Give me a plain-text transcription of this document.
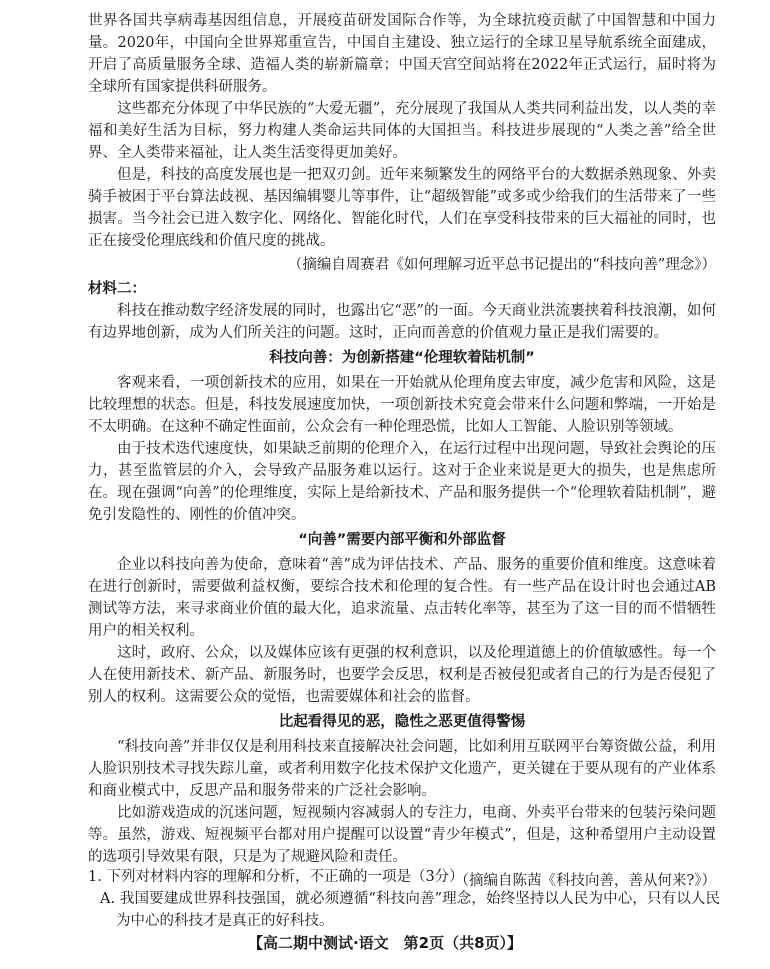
世界各国共享病毒基因组信息，开展疫苗研发国际合作等，为全球抗疫贡献了中国智慧和中国力量。2020年，中国向全世界郑重宣告，中国自主建设、独立运行的全球卫星导航系统全面建成，开启了高质量服务全球、造福人类的崭新篇章；中国天宫空间站将在2022年正式运行，届时将为全球所有国家提供科研服务。

这些都充分体现了中华民族的“大爱无疆”，充分展现了我国从人类共同利益出发，以人类的幸福和美好生活为目标，努力构建人类命运共同体的大国担当。科技进步展现的“人类之善”给全世界、全人类带来福祉，让人类生活变得更加美好。

但是，科技的高度发展也是一把双刃剑。近年来频繁发生的网络平台的大数据杀熟现象、外卖骑手被困于平台算法歧视、基因编辑婴儿等事件，让“超级智能”或多或少给我们的生活带来了一些损害。当今社会已进入数字化、网络化、智能化时代，人们在享受科技带来的巨大福祉的同时，也正在接受伦理底线和价值尺度的挑战。

（摘编自周赛君《如何理解习近平总书记提出的“科技向善”理念》）

材料二：

科技在推动数字经济发展的同时，也露出它“恶”的一面。今天商业洪流裹挟着科技浪潮，如何有边界地创新，成为人们所关注的问题。这时，正向而善意的价值观力量正是我们需要的。

科技向善：为创新搭建“伦理软着陆机制”

客观来看，一项创新技术的应用，如果在一开始就从伦理角度去审度，减少危害和风险，这是比较理想的状态。但是，科技发展速度加快，一项创新技术究竟会带来什么问题和弊端，一开始是不太明确。在这种不确定性面前，公众会有一种伦理恐慌，比如人工智能、人脸识别等领域。

由于技术迭代速度快，如果缺乏前期的伦理介入，在运行过程中出现问题，导致社会舆论的压力，甚至监管层的介入，会导致产品服务难以运行。这对于企业来说是更大的损失，也是焦虑所在。现在强调“向善”的伦理维度，实际上是给新技术、产品和服务提供一个“伦理软着陆机制”，避免引发隐性的、刚性的价值冲突。

“向善”需要内部平衡和外部监督

企业以科技向善为使命，意味着“善”成为评估技术、产品、服务的重要价值和维度。这意味着在进行创新时，需要做利益权衡，要综合技术和伦理的复合性。有一些产品在设计时也会通过AB测试等方法，来寻求商业价值的最大化，追求流量、点击转化率等，甚至为了这一目的而不惜牺牲用户的相关权利。

这时，政府、公众，以及媒体应该有更强的权利意识，以及伦理道德上的价值敏感性。每一个人在使用新技术、新产品、新服务时，也要学会反思，权利是否被侵犯或者自己的行为是否侵犯了别人的权利。这需要公众的觉悟，也需要媒体和社会的监督。

比起看得见的恶，隐性之恶更值得警惕

“科技向善”并非仅仅是利用科技来直接解决社会问题，比如利用互联网平台筹资做公益，利用人脸识别技术寻找失踪儿童，或者利用数字化技术保护文化遗产，更关键在于要从现有的产业体系和商业模式中，反思产品和服务带来的广泛社会影响。

比如游戏造成的沉迷问题，短视频内容减弱人的专注力，电商、外卖平台带来的包装污染问题等。虽然，游戏、短视频平台都对用户提醒可以设置“青少年模式”，但是，这种希望用户主动设置的选项引导效果有限，只是为了规避风险和责任。

（摘编自陈茜《科技向善，善从何来?》）

1. 下列对材料内容的理解和分析，不正确的一项是（3分）

A. 我国要建成世界科技强国，就必须遵循“科技向善”理念，始终坚持以人民为中心，只有以人民为中心的科技才是真正的好科技。

【高二期中测试·语文　第2页（共8页）】
